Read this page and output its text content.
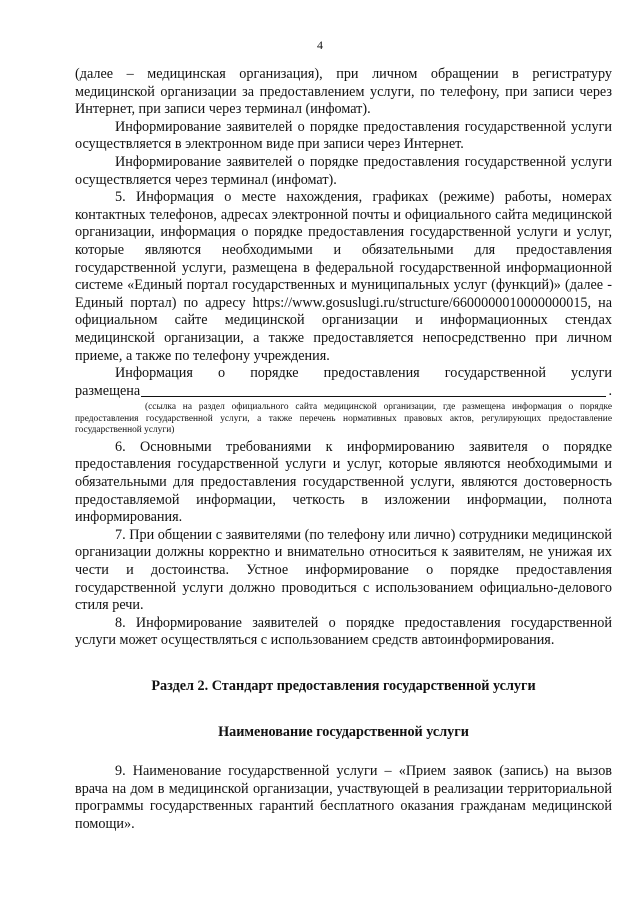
4

(далее – медицинская организация), при личном обращении в регистратуру медицинской организации за предоставлением услуги, по телефону, при записи через Интернет, при записи через терминал (инфомат).

Информирование заявителей о порядке предоставления государственной услуги осуществляется в электронном виде при записи через Интернет.

Информирование заявителей о порядке предоставления государственной услуги осуществляется через терминал (инфомат).

5. Информация о месте нахождения, графиках (режиме) работы, номерах контактных телефонов, адресах электронной почты и официального сайта медицинской организации, информация о порядке предоставления государственной услуги и услуг, которые являются необходимыми и обязательными для предоставления государственной услуги, размещена в федеральной государственной информационной системе «Единый портал государственных и муниципальных услуг (функций)» (далее - Единый портал) по адресу https://www.gosuslugi.ru/structure/6600000010000000015, на официальном сайте медицинской организации и информационных стендах медицинской организации, а также предоставляется непосредственно при личном приеме, а также по телефону учреждения.

Информация о порядке предоставления государственной услуги

размещена	.
(ссылка на раздел официального сайта медицинской организации, где размещена информация о порядке предоставления государственной услуги, а также перечень нормативных правовых актов, регулирующих предоставление государственной услуги)

6. Основными требованиями к информированию заявителя о порядке предоставления государственной услуги и услуг, которые являются необходимыми и обязательными для предоставления государственной услуги, являются достоверность предоставляемой информации, четкость в изложении информации, полнота информирования.

7. При общении с заявителями (по телефону или лично) сотрудники медицинской организации должны корректно и внимательно относиться к заявителям, не унижая их чести и достоинства. Устное информирование о порядке предоставления государственной услуги должно проводиться с использованием официально-делового стиля речи.

8. Информирование заявителей о порядке предоставления государственной услуги может осуществляться с использованием средств автоинформирования.

Раздел 2. Стандарт предоставления государственной услуги
Наименование государственной услуги

9. Наименование государственной услуги – «Прием заявок (запись) на вызов врача на дом в медицинской организации, участвующей в реализации территориальной программы государственных гарантий бесплатного оказания гражданам медицинской помощи».
